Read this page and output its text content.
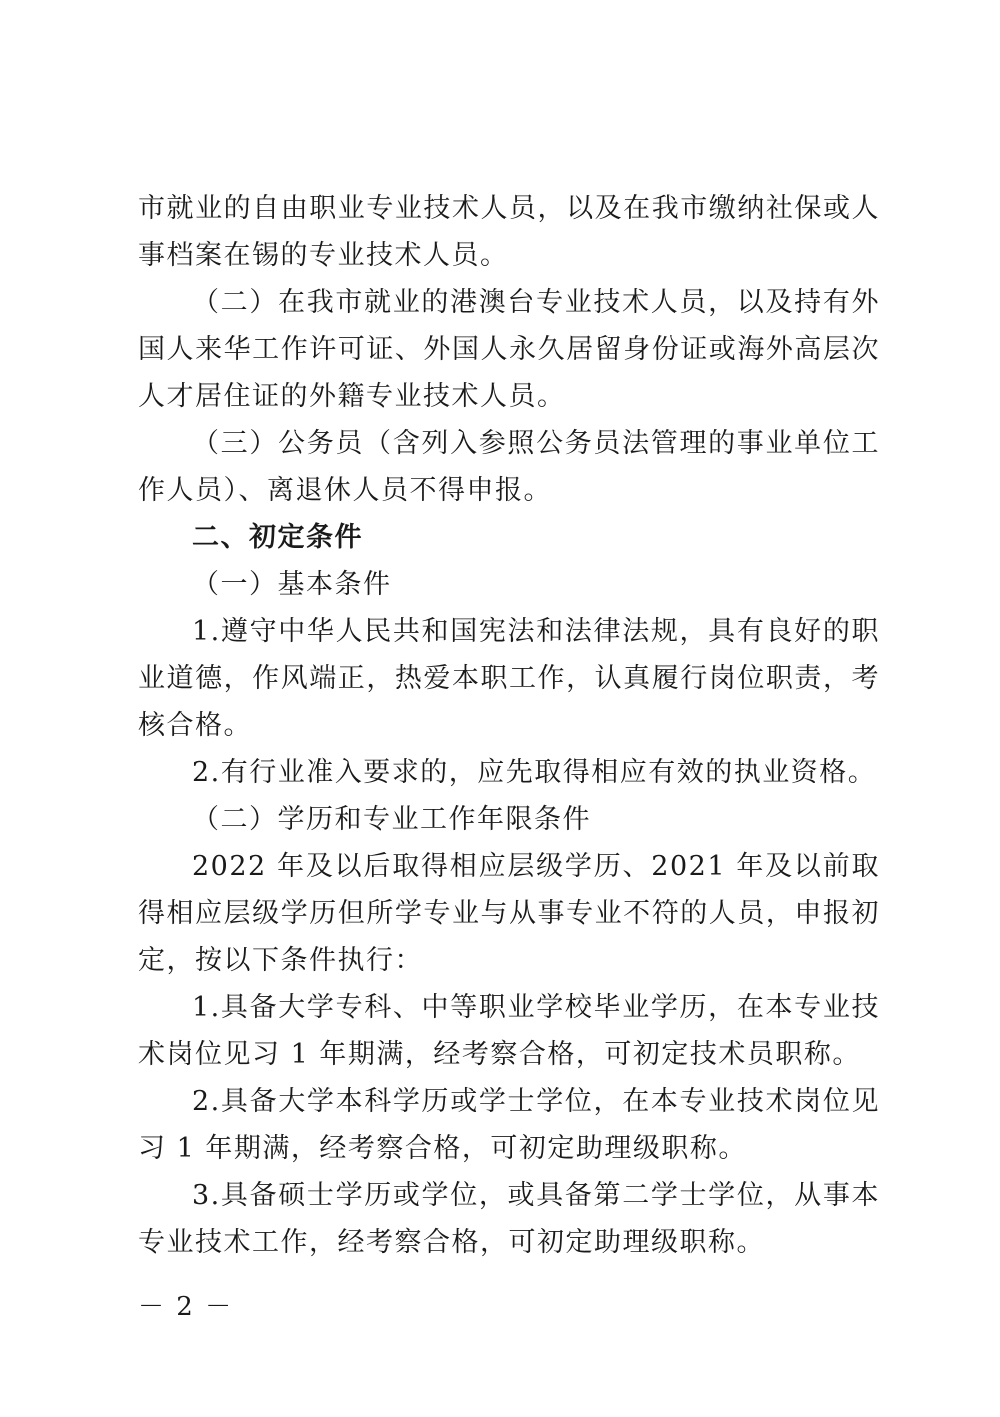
市就业的自由职业专业技术人员，以及在我市缴纳社保或人事档案在锡的专业技术人员。

（二）在我市就业的港澳台专业技术人员，以及持有外国人来华工作许可证、外国人永久居留身份证或海外高层次人才居住证的外籍专业技术人员。

（三）公务员（含列入参照公务员法管理的事业单位工作人员）、离退休人员不得申报。

二、初定条件

（一）基本条件

1.遵守中华人民共和国宪法和法律法规，具有良好的职业道德，作风端正，热爱本职工作，认真履行岗位职责，考核合格。

2.有行业准入要求的，应先取得相应有效的执业资格。

（二）学历和专业工作年限条件

2022 年及以后取得相应层级学历、2021 年及以前取得相应层级学历但所学专业与从事专业不符的人员，申报初定，按以下条件执行：

1.具备大学专科、中等职业学校毕业学历，在本专业技术岗位见习 1 年期满，经考察合格，可初定技术员职称。

2.具备大学本科学历或学士学位，在本专业技术岗位见习 1 年期满，经考察合格，可初定助理级职称。

3.具备硕士学历或学位，或具备第二学士学位，从事本专业技术工作，经考察合格，可初定助理级职称。

－ 2 －
